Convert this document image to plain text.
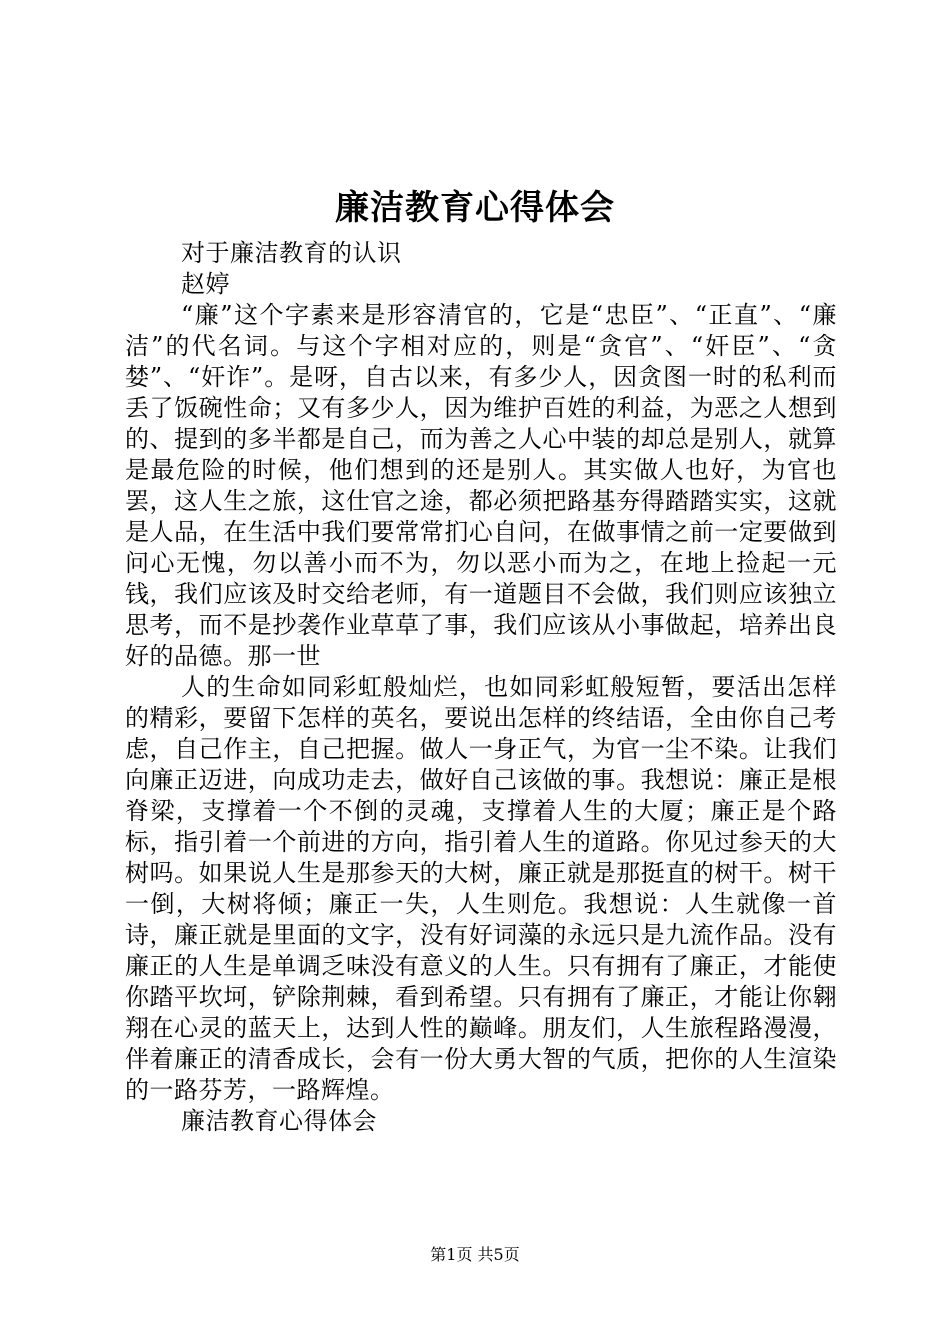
廉洁教育心得体会

对于廉洁教育的认识

赵婷

“廉”这个字素来是形容清官的，它是“忠臣”、“正直”、“廉洁”的代名词。与这个字相对应的，则是“贪官”、“奸臣”、“贪婪”、“奸诈”。是呀，自古以来，有多少人，因贪图一时的私利而丢了饭碗性命；又有多少人，因为维护百姓的利益，为恶之人想到的、提到的多半都是自己，而为善之人心中装的却总是别人，就算是最危险的时候，他们想到的还是别人。其实做人也好，为官也罢，这人生之旅，这仕官之途，都必须把路基夯得踏踏实实，这就是人品，在生活中我们要常常扪心自问，在做事情之前一定要做到问心无愧，勿以善小而不为，勿以恶小而为之，在地上捡起一元钱，我们应该及时交给老师，有一道题目不会做，我们则应该独立思考，而不是抄袭作业草草了事，我们应该从小事做起，培养出良好的品德。那一世

人的生命如同彩虹般灿烂，也如同彩虹般短暂，要活出怎样的精彩，要留下怎样的英名，要说出怎样的终结语，全由你自己考虑，自己作主，自己把握。做人一身正气，为官一尘不染。让我们向廉正迈进，向成功走去，做好自己该做的事。我想说：廉正是根脊梁，支撑着一个不倒的灵魂，支撑着人生的大厦；廉正是个路标，指引着一个前进的方向，指引着人生的道路。你见过参天的大树吗。如果说人生是那参天的大树，廉正就是那挺直的树干。树干一倒，大树将倾；廉正一失，人生则危。我想说：人生就像一首诗，廉正就是里面的文字，没有好词藻的永远只是九流作品。没有廉正的人生是单调乏味没有意义的人生。只有拥有了廉正，才能使你踏平坎坷，铲除荆棘，看到希望。只有拥有了廉正，才能让你翱翔在心灵的蓝天上，达到人性的巅峰。朋友们，人生旅程路漫漫，伴着廉正的清香成长，会有一份大勇大智的气质，把你的人生渲染的一路芬芳，一路辉煌。

廉洁教育心得体会

第1页 共5页
